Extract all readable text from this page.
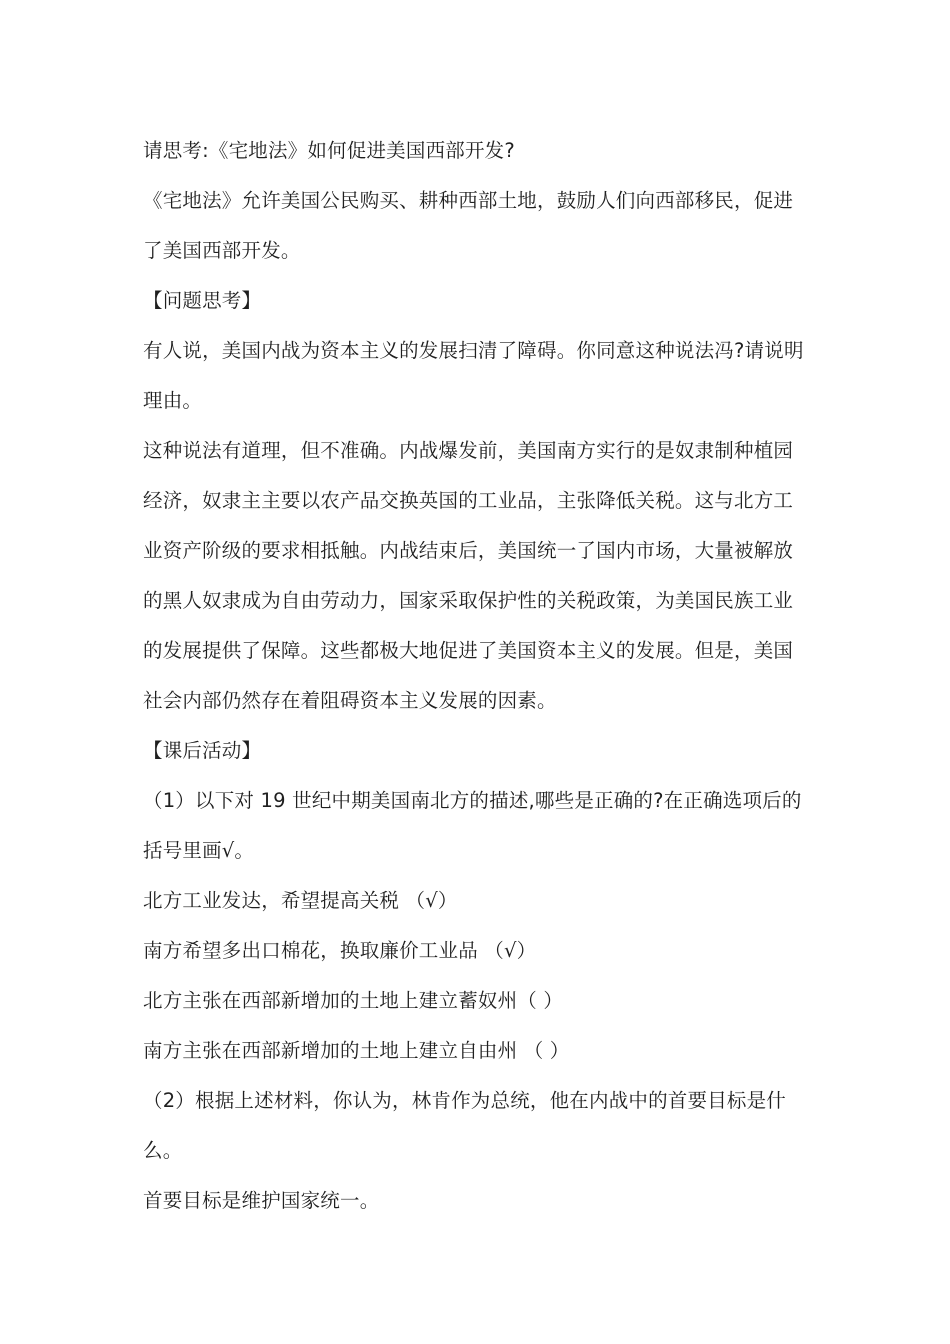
请思考:《宅地法》如何促进美国西部开发?

《宅地法》允许美国公民购买、耕种西部土地，鼓励人们向西部移民，促进了美国西部开发。

【问题思考】

有人说，美国内战为资本主义的发展扫清了障碍。你同意这种说法冯?请说明理由。

这种说法有道理，但不准确。内战爆发前，美国南方实行的是奴隶制种植园经济，奴隶主主要以农产品交换英国的工业品，主张降低关税。这与北方工业资产阶级的要求相抵触。内战结束后，美国统一了国内市场，大量被解放的黑人奴隶成为自由劳动力，国家采取保护性的关税政策，为美国民族工业的发展提供了保障。这些都极大地促进了美国资本主义的发展。但是，美国社会内部仍然存在着阻碍资本主义发展的因素。

【课后活动】

（1）以下对 19 世纪中期美国南北方的描述,哪些是正确的?在正确选项后的括号里画√。

北方工业发达，希望提高关税 （√）

南方希望多出口棉花，换取廉价工业品 （√）

北方主张在西部新增加的土地上建立蓄奴州（ ）

南方主张在西部新增加的土地上建立自由州 （ ）

（2）根据上述材料，你认为，林肯作为总统，他在内战中的首要目标是什么。

首要目标是维护国家统一。
